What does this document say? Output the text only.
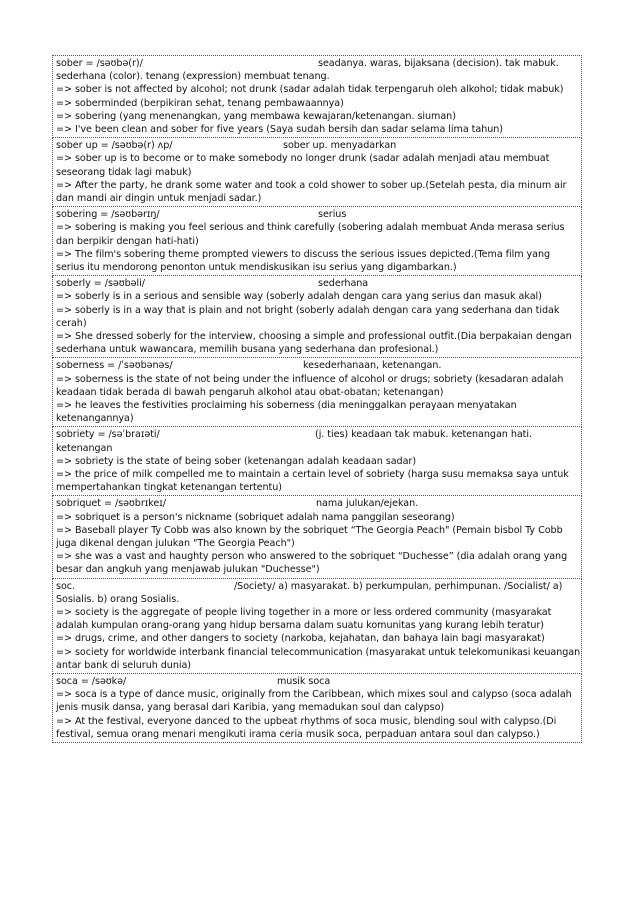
sober = /səʊbə(r)/	seadanya. waras, bijaksana (decision). tak mabuk.
sederhana (color). tenang (expression) membuat tenang.
=> sober is not affected by alcohol; not drunk (sadar adalah tidak terpengaruh oleh alkohol; tidak mabuk)
=> soberminded (berpikiran sehat, tenang pembawaannya)
=> sobering (yang menenangkan, yang membawa kewajaran/ketenangan. siuman)
=> I've been clean and sober for five years (Saya sudah bersih dan sadar selama lima tahun)
sober up = /səʊbə(r) ʌp/	sober up. menyadarkan
=> sober up is to become or to make somebody no longer drunk (sadar adalah menjadi atau membuat seseorang tidak lagi mabuk)
=> After the party, he drank some water and took a cold shower to sober up.(Setelah pesta, dia minum air dan mandi air dingin untuk menjadi sadar.)
sobering = /səʊbərɪŋ/	serius
=> sobering is making you feel serious and think carefully (sobering adalah membuat Anda merasa serius dan berpikir dengan hati-hati)
=> The film's sobering theme prompted viewers to discuss the serious issues depicted.(Tema film yang serius itu mendorong penonton untuk mendiskusikan isu serius yang digambarkan.)
soberly = /səʊbəli/	sederhana
=> soberly is in a serious and sensible way (soberly adalah dengan cara yang serius dan masuk akal)
=> soberly is in a way that is plain and not bright (soberly adalah dengan cara yang sederhana dan tidak cerah)
=> She dressed soberly for the interview, choosing a simple and professional outfit.(Dia berpakaian dengan sederhana untuk wawancara, memilih busana yang sederhana dan profesional.)
soberness = /ˈsəʊbənəs/	kesederhanaan, ketenangan.
=> soberness is the state of not being under the influence of alcohol or drugs; sobriety (kesadaran adalah keadaan tidak berada di bawah pengaruh alkohol atau obat-obatan; ketenangan)
=> he leaves the festivities proclaiming his soberness (dia meninggalkan perayaan menyatakan ketenangannya)
sobriety = /səˈbraɪəti/	(j. ties) keadaan tak mabuk. ketenangan hati.
ketenangan
=> sobriety is the state of being sober (ketenangan adalah keadaan sadar)
=> the price of milk compelled me to maintain a certain level of sobriety (harga susu memaksa saya untuk mempertahankan tingkat ketenangan tertentu)
sobriquet = /səʊbrɪkeɪ/	nama julukan/ejekan.
=> sobriquet is a person's nickname (sobriquet adalah nama panggilan seseorang)
=> Baseball player Ty Cobb was also known by the sobriquet “The Georgia Peach" (Pemain bisbol Ty Cobb juga dikenal dengan julukan "The Georgia Peach")
=> she was a vast and haughty person who answered to the sobriquet “Duchesse” (dia adalah orang yang besar dan angkuh yang menjawab julukan "Duchesse")
soc.	/Society/ a) masyarakat. b) perkumpulan, perhimpunan. /Socialist/ a)
Sosialis. b) orang Sosialis.
=> society is the aggregate of people living together in a more or less ordered community (masyarakat adalah kumpulan orang-orang yang hidup bersama dalam suatu komunitas yang kurang lebih teratur)
=> drugs, crime, and other dangers to society (narkoba, kejahatan, dan bahaya lain bagi masyarakat)
=> society for worldwide interbank financial telecommunication (masyarakat untuk telekomunikasi keuangan antar bank di seluruh dunia)
soca = /səʊkə/	musik soca
=> soca is a type of dance music, originally from the Caribbean, which mixes soul and calypso (soca adalah jenis musik dansa, yang berasal dari Karibia, yang memadukan soul dan calypso)
=> At the festival, everyone danced to the upbeat rhythms of soca music, blending soul with calypso.(Di festival, semua orang menari mengikuti irama ceria musik soca, perpaduan antara soul dan calypso.)
